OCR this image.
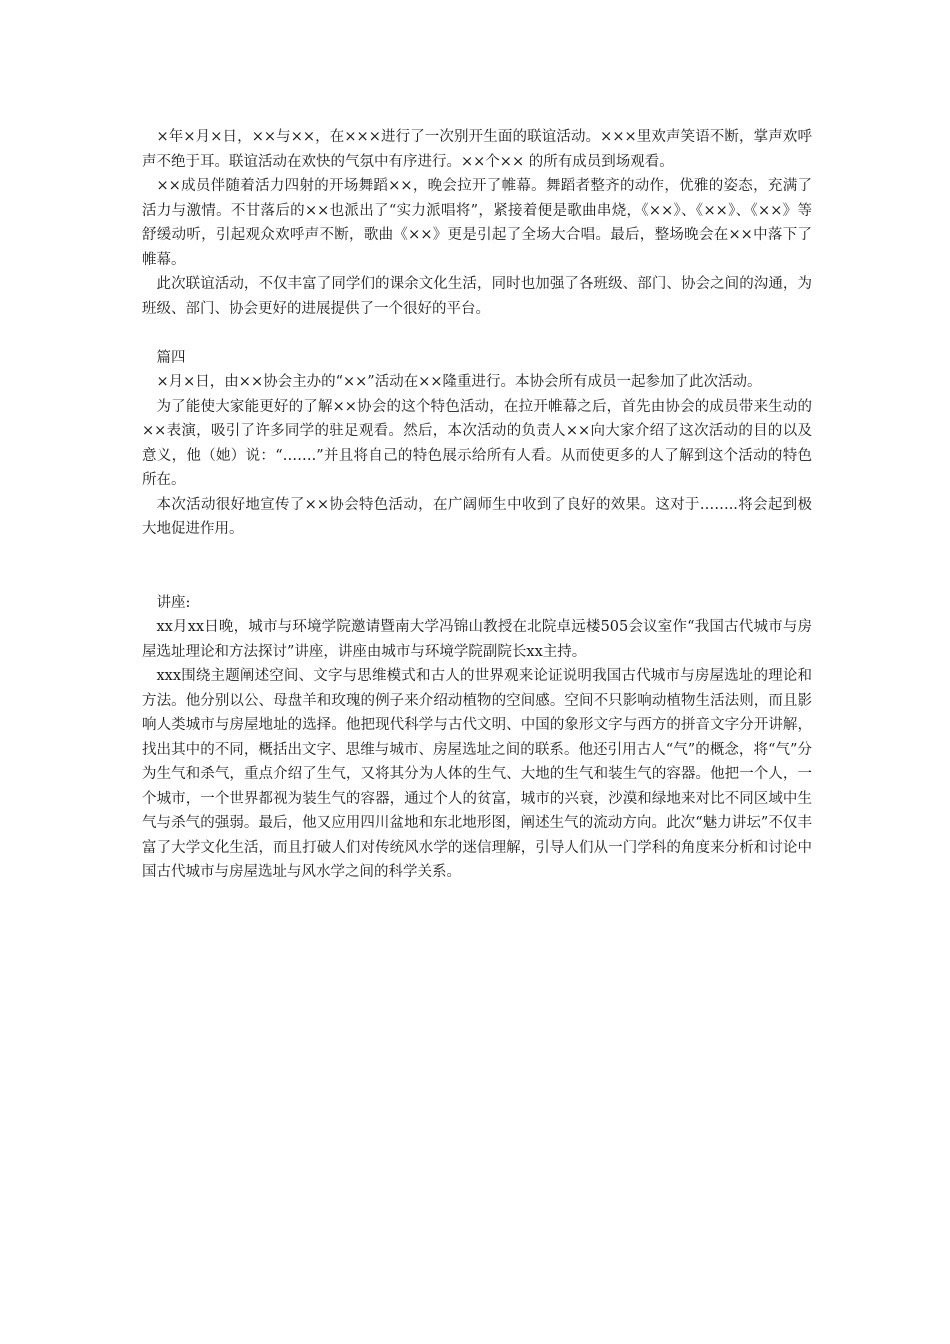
×年×月×日，××与××，在×××进行了一次别开生面的联谊活动。×××里欢声笑语不断，掌声欢呼声不绝于耳。联谊活动在欢快的气氛中有序进行。××个×× 的所有成员到场观看。

××成员伴随着活力四射的开场舞蹈××，晚会拉开了帷幕。舞蹈者整齐的动作，优雅的姿态，充满了活力与激情。不甘落后的××也派出了“实力派唱将”，紧接着便是歌曲串烧，《××》、《××》、《××》等舒缓动听，引起观众欢呼声不断，歌曲《××》更是引起了全场大合唱。最后，整场晚会在××中落下了帷幕。

此次联谊活动，不仅丰富了同学们的课余文化生活，同时也加强了各班级、部门、协会之间的沟通，为班级、部门、协会更好的进展提供了一个很好的平台。

篇四

×月×日，由××协会主办的“××”活动在××隆重进行。本协会所有成员一起参加了此次活动。

为了能使大家能更好的了解××协会的这个特色活动，在拉开帷幕之后，首先由协会的成员带来生动的××表演，吸引了许多同学的驻足观看。然后，本次活动的负责人××向大家介绍了这次活动的目的以及意义，他（她）说：“…….”并且将自己的特色展示给所有人看。从而使更多的人了解到这个活动的特色所在。

本次活动很好地宣传了××协会特色活动，在广阔师生中收到了良好的效果。这对于……..将会起到极大地促进作用。

讲座:

xx月xx日晚，城市与环境学院邀请暨南大学冯锦山教授在北院卓远楼505会议室作“我国古代城市与房屋选址理论和方法探讨”讲座，讲座由城市与环境学院副院长xx主持。

xxx围绕主题阐述空间、文字与思维模式和古人的世界观来论证说明我国古代城市与房屋选址的理论和方法。他分别以公、母盘羊和玫瑰的例子来介绍动植物的空间感。空间不只影响动植物生活法则，而且影响人类城市与房屋地址的选择。他把现代科学与古代文明、中国的象形文字与西方的拼音文字分开讲解，找出其中的不同，概括出文字、思维与城市、房屋选址之间的联系。他还引用古人“气”的概念，将“气”分为生气和杀气，重点介绍了生气，又将其分为人体的生气、大地的生气和装生气的容器。他把一个人，一个城市，一个世界都视为装生气的容器，通过个人的贫富，城市的兴衰，沙漠和绿地来对比不同区域中生气与杀气的强弱。最后，他又应用四川盆地和东北地形图，阐述生气的流动方向。此次“魅力讲坛”不仅丰富了大学文化生活，而且打破人们对传统风水学的迷信理解，引导人们从一门学科的角度来分析和讨论中国古代城市与房屋选址与风水学之间的科学关系。
